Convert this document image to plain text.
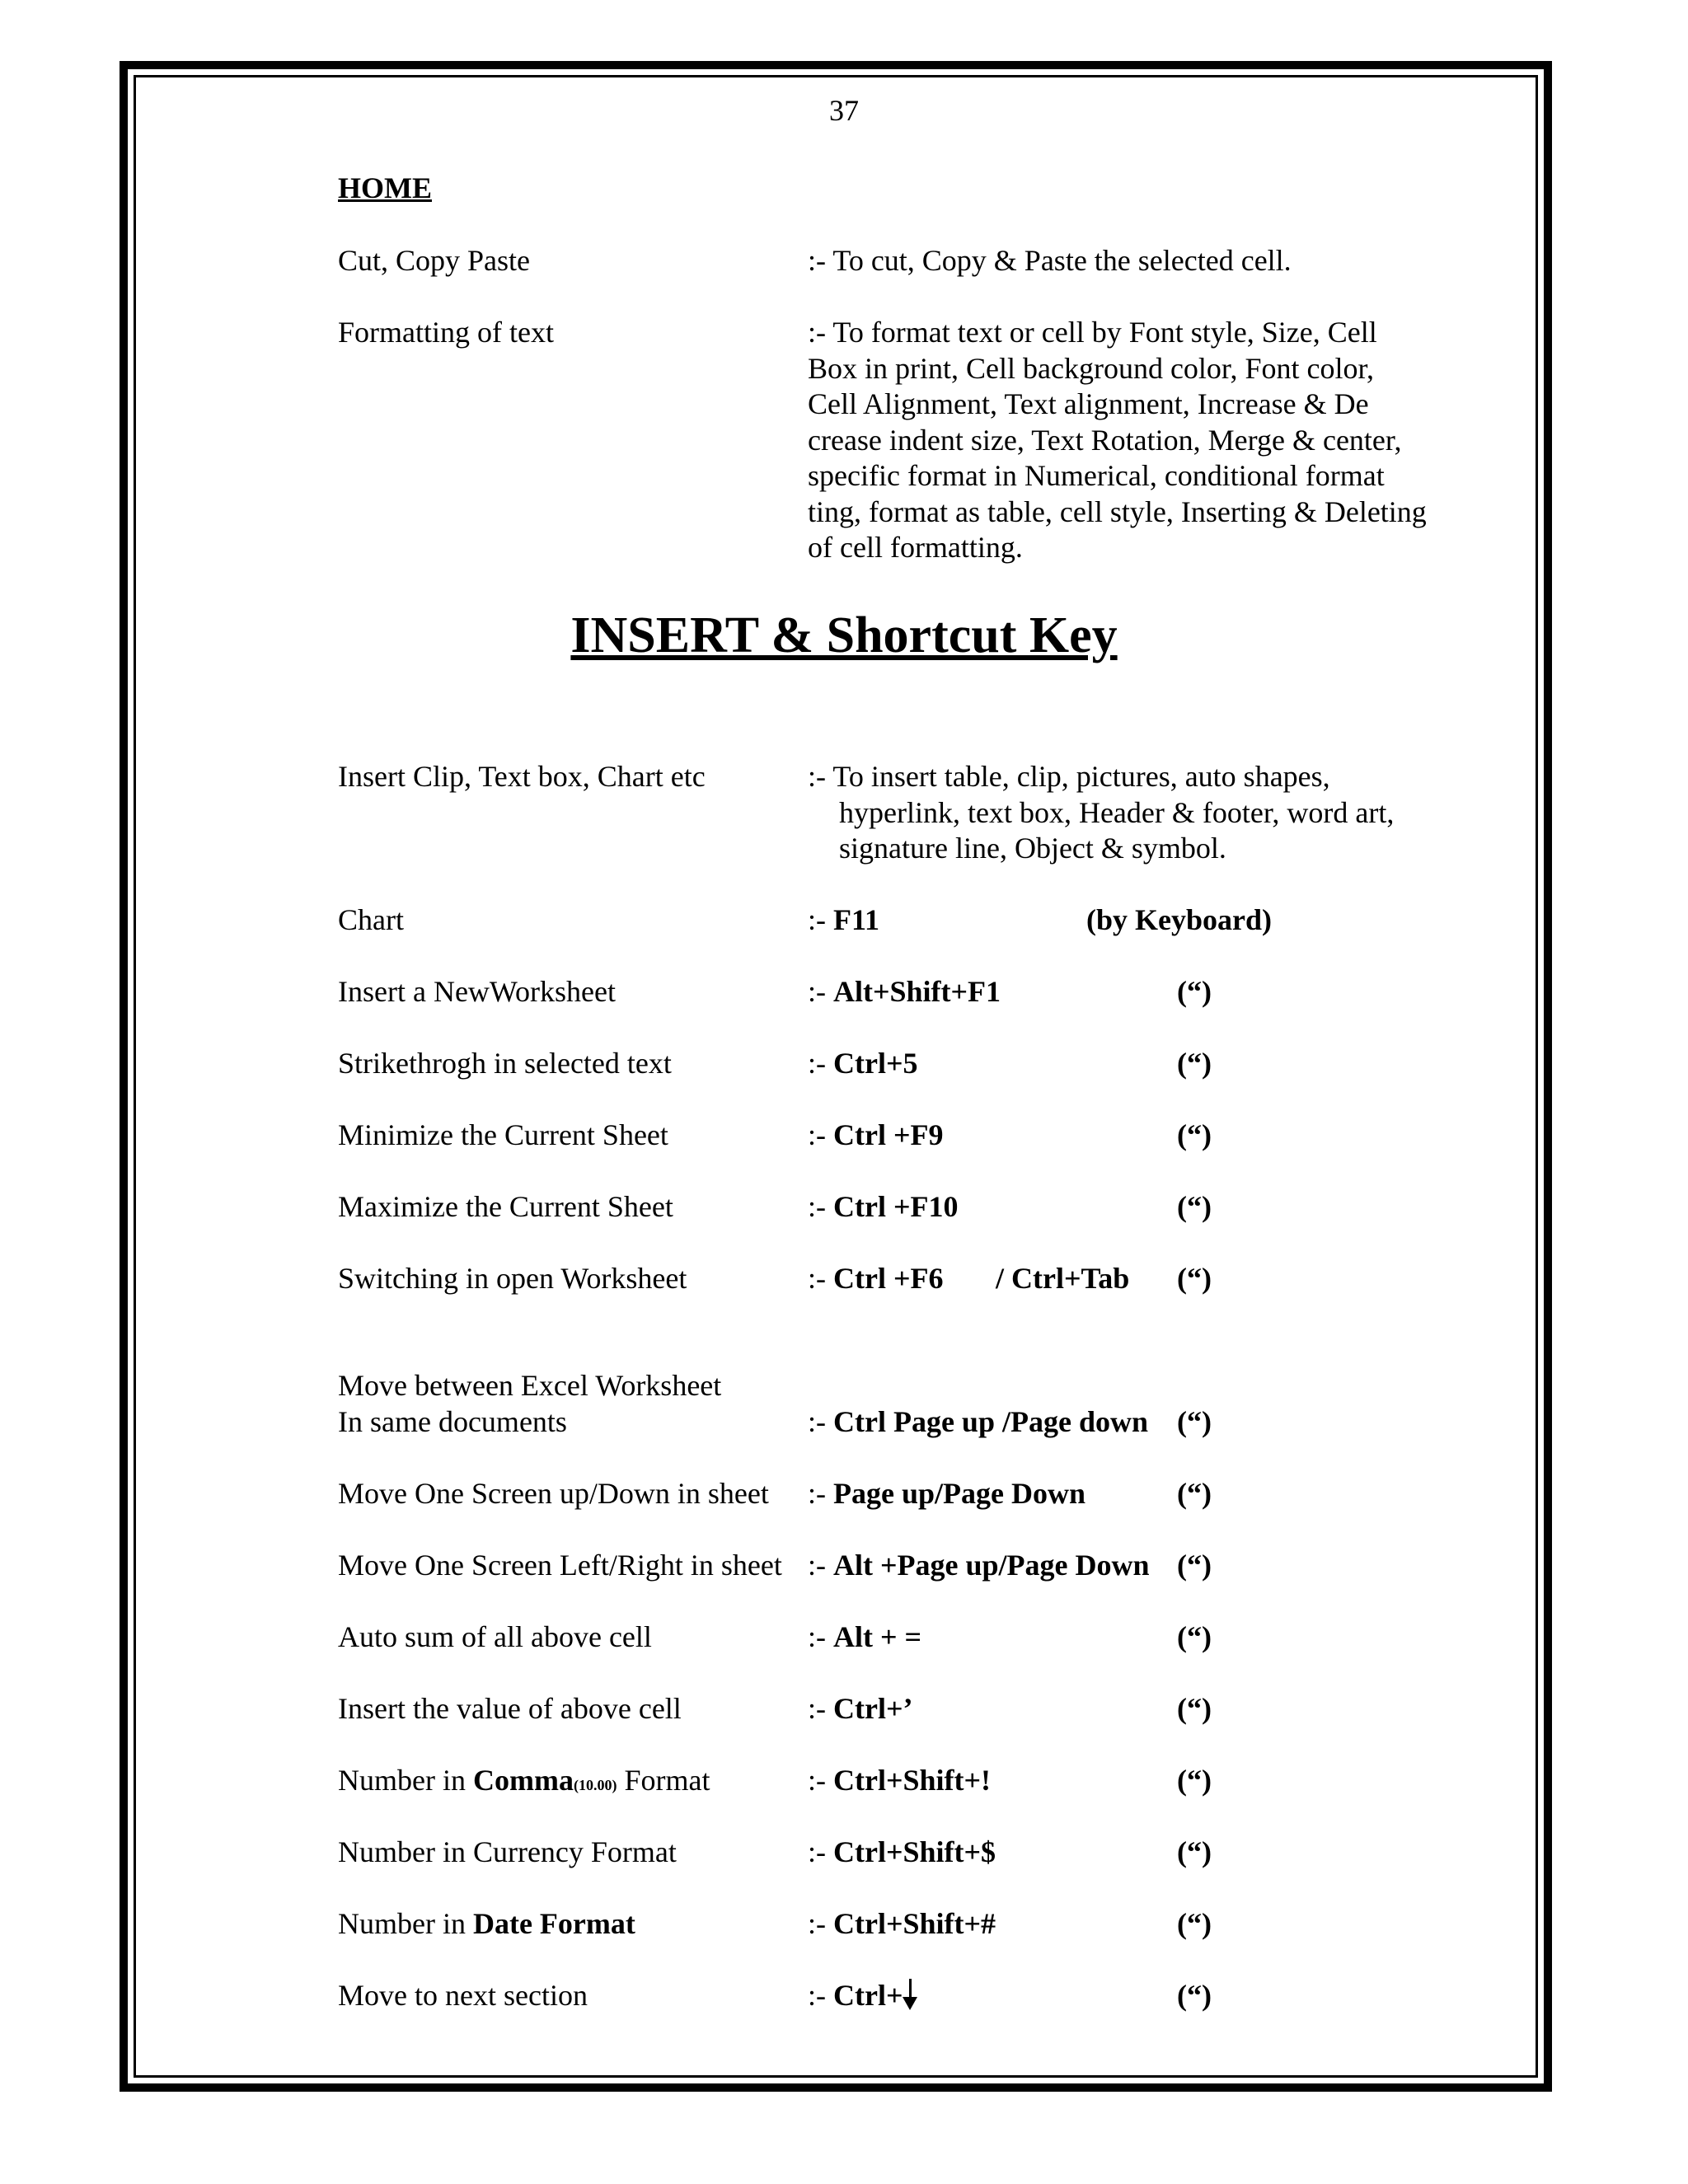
37
HOME
Cut, Copy Paste	:- To cut, Copy & Paste the selected cell.
Formatting of text	:- To format text or cell by Font style, Size, Cell
Box in print, Cell background color, Font color,
Cell Alignment, Text alignment, Increase & De
crease indent size, Text Rotation, Merge & center,
specific format in Numerical, conditional format
ting, format as table, cell style, Inserting & Deleting
of cell formatting.
INSERT & Shortcut Key
Insert Clip, Text box, Chart etc	:- To insert table, clip, pictures, auto shapes,
hyperlink, text box, Header & footer, word art,
signature line, Object & symbol.
Chart	:- F11	(by Keyboard)
Insert a NewWorksheet	:- Alt+Shift+F1	(“)
Strikethrogh in selected text	:- Ctrl+5	(“)
Minimize the Current Sheet	:- Ctrl +F9	(“)
Maximize the Current Sheet	:- Ctrl +F10	(“)
Switching in open Worksheet	:- Ctrl +F6 / Ctrl+Tab (“)
Move between Excel Worksheet
In same documents	:- Ctrl Page up /Page down (“)
Move One Screen up/Down in sheet :- Page up/Page Down	(“)
Move One Screen Left/Right in sheet :- Alt +Page up/Page Down (“)
Auto sum of all above cell	:- Alt + =	(“)
Insert the value of above cell	:- Ctrl+’	(“)
Number in Comma(10.00) Format	:- Ctrl+Shift+!	(“)
Number in Currency Format	:- Ctrl+Shift+$	(“)
Number in Date Format	:- Ctrl+Shift+#	(“)
Move to next section	:- Ctrl+	(“)
